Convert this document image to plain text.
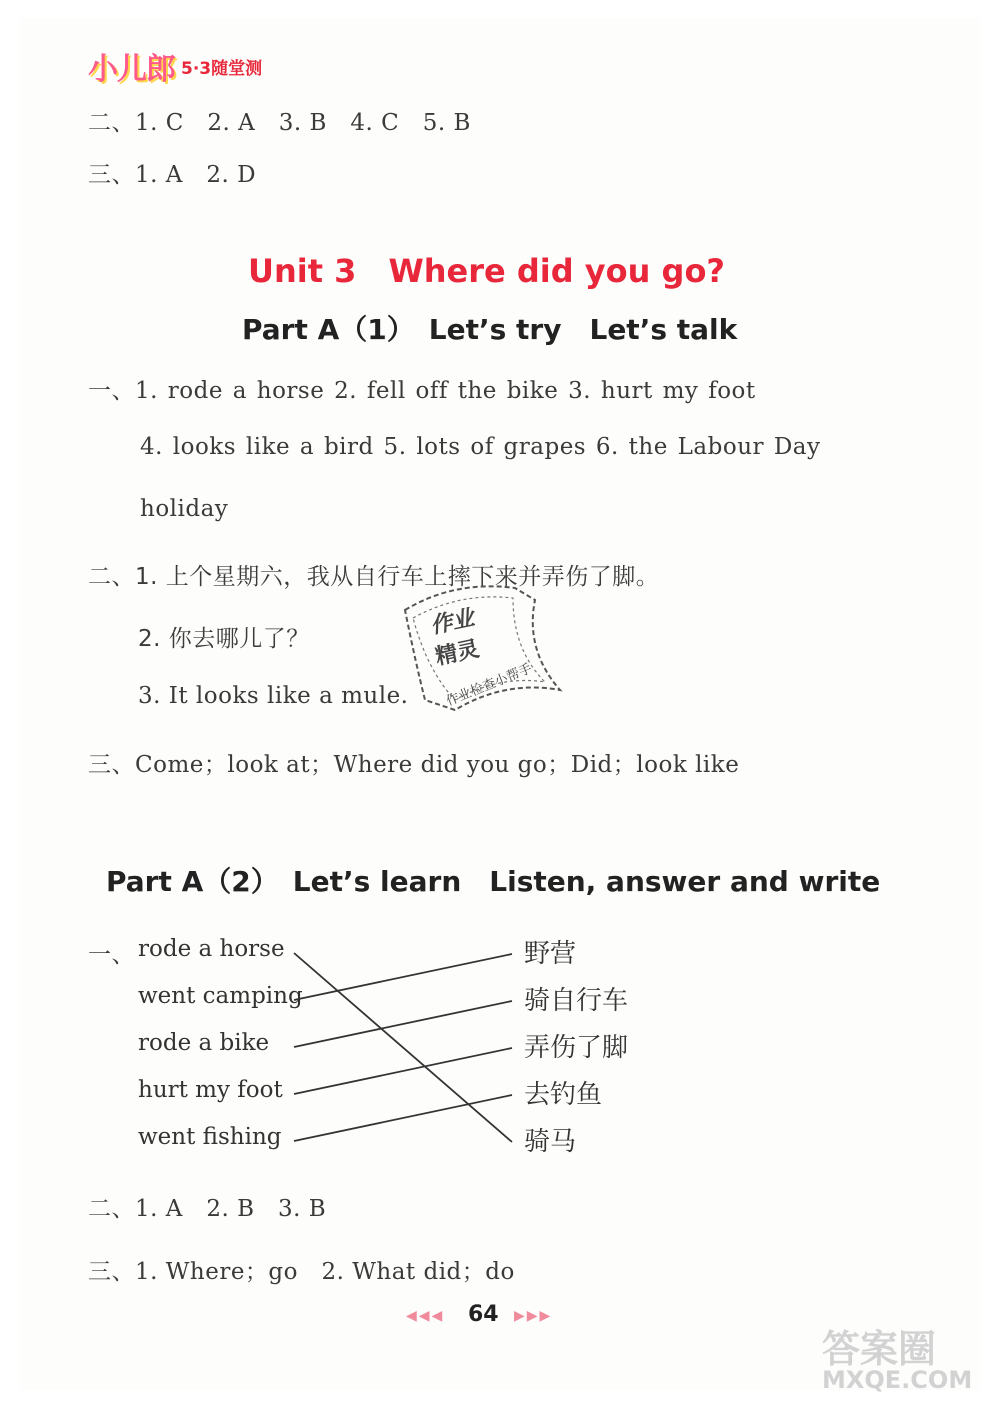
小儿郎 5·3随堂测
二、1. C　2. A　3. B　4. C　5. B
三、1. A　2. D
Unit 3　Where did you go?
Part A（1）　Let’s try　Let’s talk
一、1. rode a horse 2. fell off the bike 3. hurt my foot
4. looks like a bird 5. lots of grapes 6. the Labour Day
holiday
二、1. 上个星期六，我从自行车上摔下来并弄伤了脚。
2. 你去哪儿了？
3. It looks like a mule.
三、Come；look at；Where did you go；Did；look like
作业
精灵
作业检查小帮手
Part A（2）　Let’s learn　Listen, answer and write
一、 rode a horse
went camping
rode a bike
hurt my foot
went fishing
野营
骑自行车
弄伤了脚
去钓鱼
骑马
二、1. A　2. B　3. B
三、1. Where；go　2. What did；do
◀◀◀ 64 ▶▶▶
答案圈
MXQE.COM
